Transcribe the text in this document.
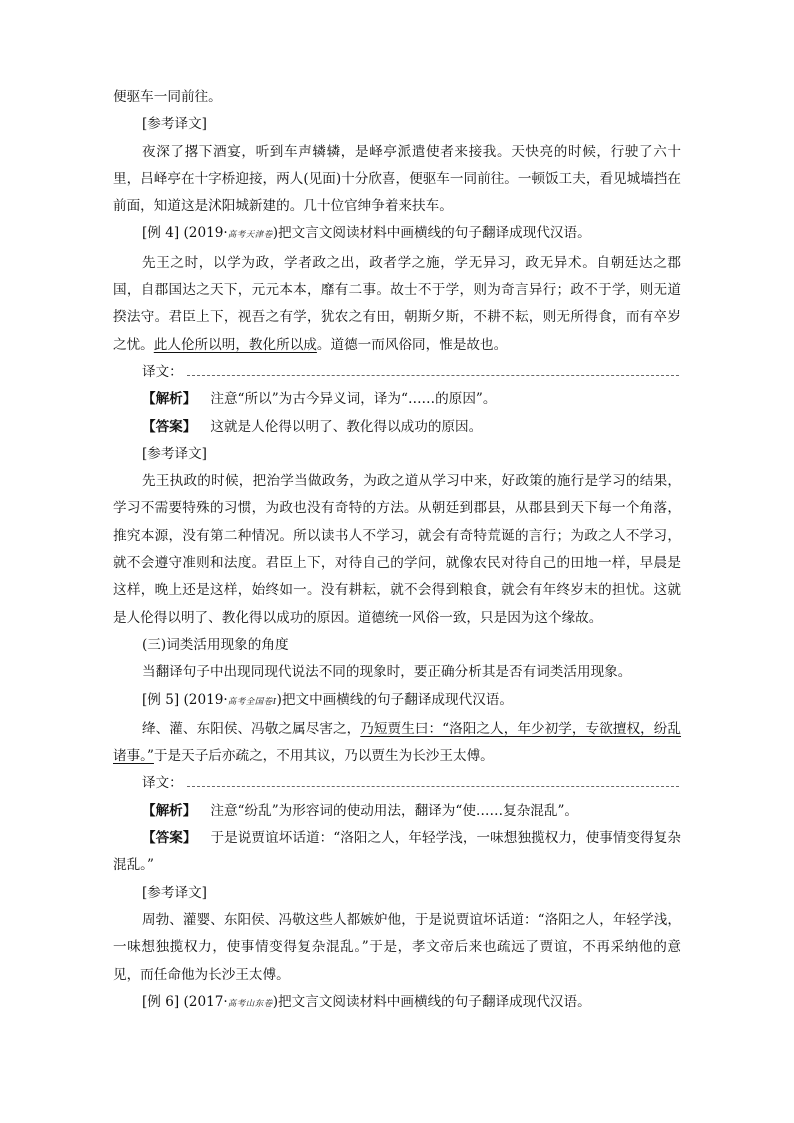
便驱车一同前往。

[参考译文]

夜深了撂下酒宴，听到车声辚辚，是峄亭派遣使者来接我。天快亮的时候，行驶了六十里，吕峄亭在十字桥迎接，两人(见面)十分欣喜，便驱车一同前往。一顿饭工夫，看见城墙挡在前面，知道这是沭阳城新建的。几十位官绅争着来扶车。

[例 4] (2019·高考天津卷)把文言文阅读材料中画横线的句子翻译成现代汉语。

先王之时，以学为政，学者政之出，政者学之施，学无异习，政无异术。自朝廷达之郡国，自郡国达之天下，元元本本，靡有二事。故士不于学，则为奇言异行；政不于学，则无道揆法守。君臣上下，视吾之有学，犹农之有田，朝斯夕斯，不耕不耘，则无所得食，而有卒岁之忧。此人伦所以明，教化所以成。道德一而风俗同，惟是故也。

译文：

【解析】 注意“所以”为古今异义词，译为“……的原因”。

【答案】 这就是人伦得以明了、教化得以成功的原因。

[参考译文]

先王执政的时候，把治学当做政务，为政之道从学习中来，好政策的施行是学习的结果，学习不需要特殊的习惯，为政也没有奇特的方法。从朝廷到郡县，从郡县到天下每一个角落，推究本源，没有第二种情况。所以读书人不学习，就会有奇特荒诞的言行；为政之人不学习，就不会遵守准则和法度。君臣上下，对待自己的学问，就像农民对待自己的田地一样，早晨是这样，晚上还是这样，始终如一。没有耕耘，就不会得到粮食，就会有年终岁末的担忧。这就是人伦得以明了、教化得以成功的原因。道德统一风俗一致，只是因为这个缘故。

(三)词类活用现象的角度

当翻译句子中出现同现代说法不同的现象时，要正确分析其是否有词类活用现象。

[例 5] (2019·高考全国卷Ⅰ)把文中画横线的句子翻译成现代汉语。

绛、灌、东阳侯、冯敬之属尽害之，乃短贾生曰：“洛阳之人，年少初学，专欲擅权，纷乱诸事。”于是天子后亦疏之，不用其议，乃以贾生为长沙王太傅。

译文：

【解析】 注意“纷乱”为形容词的使动用法，翻译为“使……复杂混乱”。

【答案】 于是说贾谊坏话道：“洛阳之人，年轻学浅，一味想独揽权力，使事情变得复杂混乱。”

[参考译文]

周勃、灌婴、东阳侯、冯敬这些人都嫉妒他，于是说贾谊坏话道：“洛阳之人，年轻学浅，一味想独揽权力，使事情变得复杂混乱。”于是，孝文帝后来也疏远了贾谊，不再采纳他的意见，而任命他为长沙王太傅。

[例 6] (2017·高考山东卷)把文言文阅读材料中画横线的句子翻译成现代汉语。
